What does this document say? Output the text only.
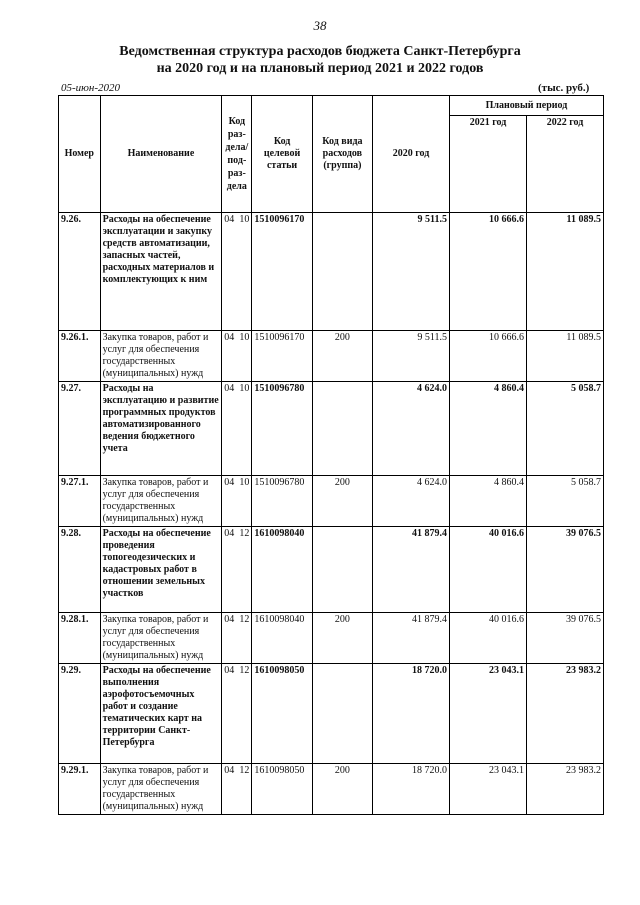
38
Ведомственная структура расходов бюджета Санкт-Петербурга
на 2020 год и на плановый период 2021 и 2022 годов
05-июн-2020	(тыс. руб.)
Номер	Наименование	Код раз-дела/ под-раз-дела		Код целевой статьи	Код вида расходов (группа)	2020 год	Плановый период	
							2021 год	2022 год
9.26.	Расходы на обеспечение эксплуатации и закупку средств автоматизации, запасных частей, расходных материалов и комплектующих к ним	04	10	1510096170		9 511.5	10 666.6	11 089.5
9.26.1.	Закупка товаров, работ и услуг для обеспечения государственных (муниципальных) нужд	04	10	1510096170	200	9 511.5	10 666.6	11 089.5
9.27.	Расходы на эксплуатацию и развитие программных продуктов автоматизированного ведения бюджетного учета	04	10	1510096780		4 624.0	4 860.4	5 058.7
9.27.1.	Закупка товаров, работ и услуг для обеспечения государственных (муниципальных) нужд	04	10	1510096780	200	4 624.0	4 860.4	5 058.7
9.28.	Расходы на обеспечение проведения топогеодезических и кадастровых работ в отношении земельных участков	04	12	1610098040		41 879.4	40 016.6	39 076.5
9.28.1.	Закупка товаров, работ и услуг для обеспечения государственных (муниципальных) нужд	04	12	1610098040	200	41 879.4	40 016.6	39 076.5
9.29.	Расходы на обеспечение выполнения аэрофотосъемочных работ и создание тематических карт на территории Санкт-Петербурга	04	12	1610098050		18 720.0	23 043.1	23 983.2
9.29.1.	Закупка товаров, работ и услуг для обеспечения государственных (муниципальных) нужд	04	12	1610098050	200	18 720.0	23 043.1	23 983.2
